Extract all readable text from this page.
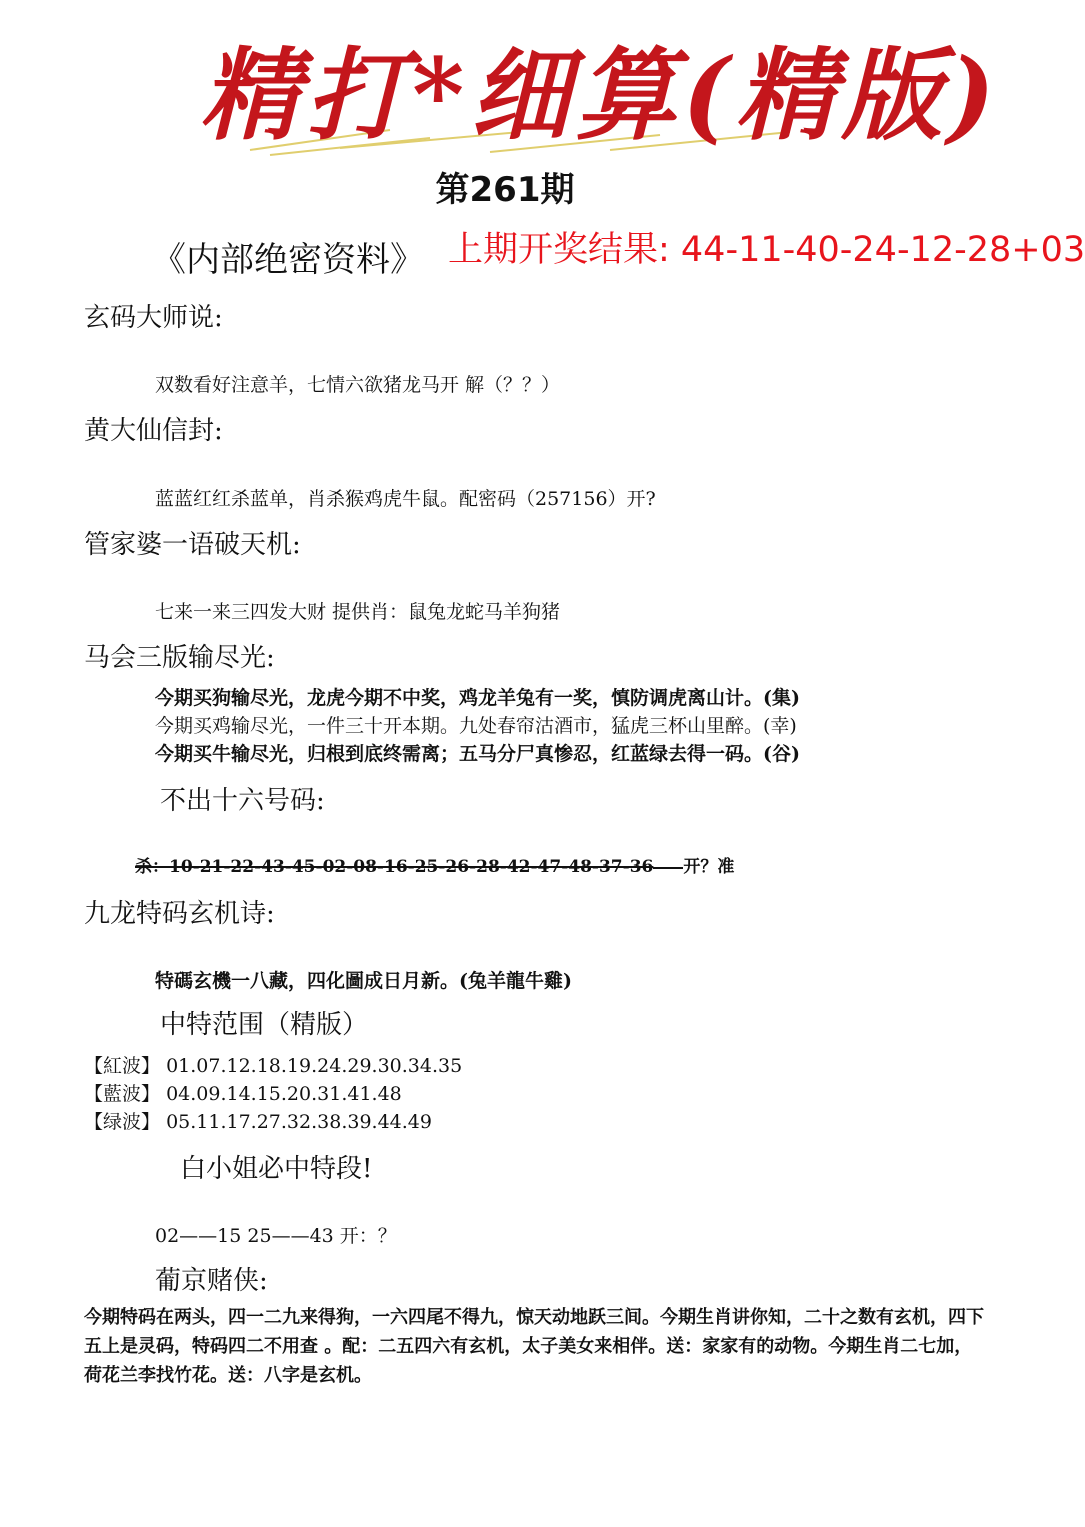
精打*细算(精版)
第261期
《内部绝密资料》 上期开奖结果: 44-11-40-24-12-28+03
玄码大师说:
双数看好注意羊，七情六欲猪龙马开 解（？？）
黄大仙信封:
蓝蓝红红杀蓝单，肖杀猴鸡虎牛鼠。配密码（257156）开?
管家婆一语破天机:
七来一来三四发大财 提供肖：鼠兔龙蛇马羊狗猪
马会三版输尽光:
今期买狗输尽光，龙虎今期不中奖，鸡龙羊兔有一奖，慎防调虎离山计。(集)
今期买鸡输尽光，一件三十开本期。九处春帘沽酒市，猛虎三杯山里醉。(幸)
今期买牛输尽光，归根到底终需离；五马分尸真惨忍，红蓝绿去得一码。(谷)
不出十六号码:
杀：10-21-22-43-45-02-08-16-25-26-28-42-47-48-37-36 开？准
九龙特码玄机诗:
特碼玄機一八藏，四化圖成日月新。(兔羊龍牛雞)
中特范围（精版）
【紅波】 01.07.12.18.19.24.29.30.34.35
【藍波】 04.09.14.15.20.31.41.48
【绿波】 05.11.17.27.32.38.39.44.49
白小姐必中特段!
02——15 25——43 开：？
葡京赌侠:
今期特码在两头，四一二九来得狗，一六四尾不得九，惊天动地跃三间。今期生肖讲你知，二十之数有玄机，四下五上是灵码，特码四二不用查 。配：二五四六有玄机，太子美女来相伴。送：家家有的动物。今期生肖二七加，荷花兰李找竹花。送：八字是玄机。
